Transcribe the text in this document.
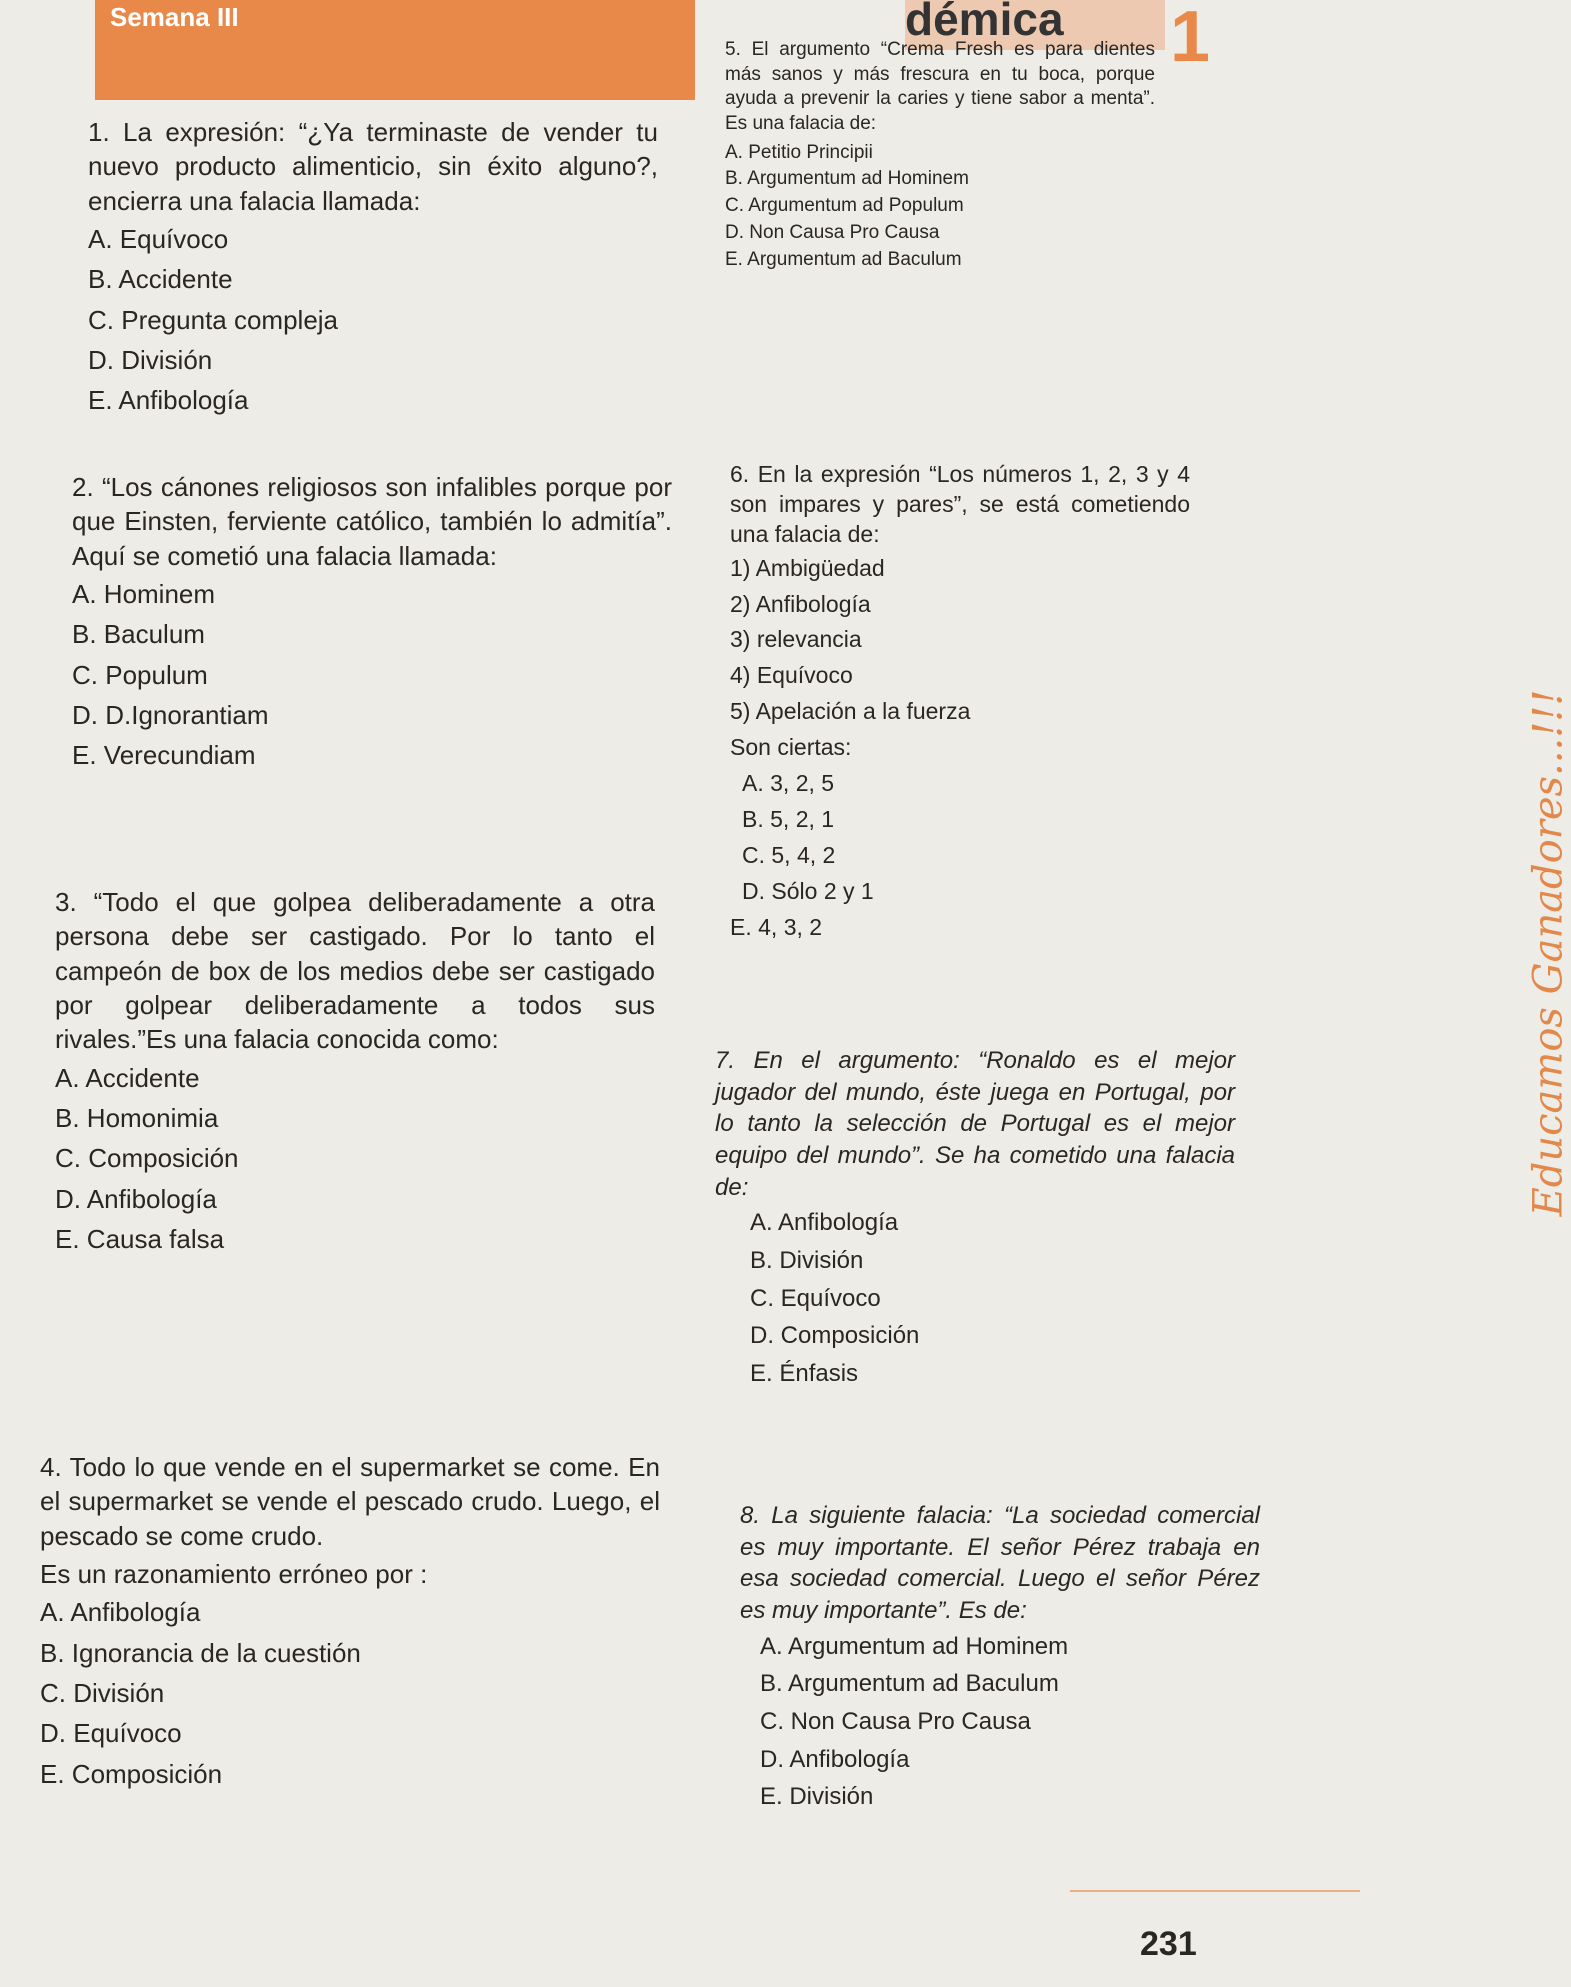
Semana III	démica 1
Educamos Ganadores...!!!

1. La expresión: “¿Ya terminaste de vender tu nuevo producto alimenticio, sin éxito alguno?, encierra una falacia llamada:

A. Equívoco

B. Accidente

C. Pregunta compleja

D. División

E. Anfibología

2. “Los cánones religiosos son infalibles porque por que Einsten, ferviente católico, también lo admitía”. Aquí se cometió una falacia llamada:

A. Hominem

B. Baculum

C. Populum

D. D.Ignorantiam

E. Verecundiam

3. “Todo el que golpea deliberadamente a otra persona debe ser castigado. Por lo tanto el campeón de box de los medios debe ser castigado por golpear deliberadamente a todos sus rivales.”Es una falacia conocida como:

A. Accidente

B. Homonimia

C. Composición

D. Anfibología

E. Causa falsa

4. Todo lo que vende en el supermarket se come. En el supermarket se vende el pescado crudo. Luego, el pescado se come crudo.

Es un razonamiento erróneo por :

A. Anfibología

B. Ignorancia de la cuestión

C. División

D. Equívoco

E. Composición

5. El argumento “Crema Fresh es para dientes más sanos y más frescura en tu boca, porque ayuda a prevenir la caries y tiene sabor a menta”. Es una falacia de:

A. Petitio Principii

B. Argumentum ad Hominem

C. Argumentum ad Populum

D. Non Causa Pro Causa

E. Argumentum ad Baculum

6. En la expresión “Los números 1, 2, 3 y 4 son impares y pares”, se está cometiendo una falacia de:

1) Ambigüedad

2) Anfibología

3) relevancia

4) Equívoco

5) Apelación a la fuerza

Son ciertas:

A. 3, 2, 5

B. 5, 2, 1

C. 5, 4, 2

D. Sólo 2 y 1

E. 4, 3, 2

7. En el argumento: “Ronaldo es el mejor jugador del mundo, éste juega en Portugal, por lo tanto la selección de Portugal es el mejor equipo del mundo”. Se ha cometido una falacia de:

A. Anfibología

B. División

C. Equívoco

D. Composición

E. Énfasis

8. La siguiente falacia: “La sociedad comercial es muy importante. El señor Pérez trabaja en esa sociedad comercial. Luego el señor Pérez es muy importante”. Es de:

A. Argumentum ad Hominem

B. Argumentum ad Baculum

C. Non Causa Pro Causa

D. Anfibología

E. División

231
